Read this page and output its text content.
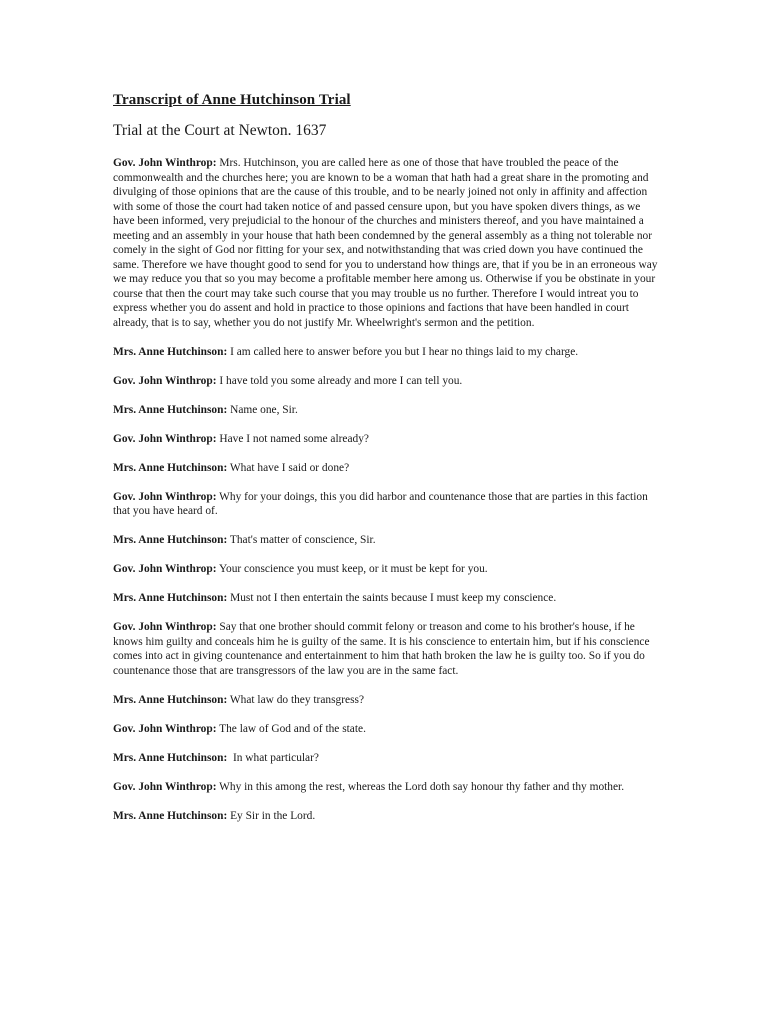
Transcript of Anne Hutchinson Trial
Trial at the Court at Newton. 1637

Gov. John Winthrop: Mrs. Hutchinson, you are called here as one of those that have troubled the peace of the commonwealth and the churches here; you are known to be a woman that hath had a great share in the promoting and divulging of those opinions that are the cause of this trouble, and to be nearly joined not only in affinity and affection with some of those the court had taken notice of and passed censure upon, but you have spoken divers things, as we have been informed, very prejudicial to the honour of the churches and ministers thereof, and you have maintained a meeting and an assembly in your house that hath been condemned by the general assembly as a thing not tolerable nor comely in the sight of God nor fitting for your sex, and notwithstanding that was cried down you have continued the same. Therefore we have thought good to send for you to understand how things are, that if you be in an erroneous way we may reduce you that so you may become a profitable member here among us. Otherwise if you be obstinate in your course that then the court may take such course that you may trouble us no further. Therefore I would intreat you to express whether you do assent and hold in practice to those opinions and factions that have been handled in court already, that is to say, whether you do not justify Mr. Wheelwright's sermon and the petition.

Mrs. Anne Hutchinson: I am called here to answer before you but I hear no things laid to my charge.

Gov. John Winthrop: I have told you some already and more I can tell you.

Mrs. Anne Hutchinson: Name one, Sir.

Gov. John Winthrop: Have I not named some already?

Mrs. Anne Hutchinson: What have I said or done?

Gov. John Winthrop: Why for your doings, this you did harbor and countenance those that are parties in this faction that you have heard of.

Mrs. Anne Hutchinson: That's matter of conscience, Sir.

Gov. John Winthrop: Your conscience you must keep, or it must be kept for you.

Mrs. Anne Hutchinson: Must not I then entertain the saints because I must keep my conscience.

Gov. John Winthrop: Say that one brother should commit felony or treason and come to his brother's house, if he knows him guilty and conceals him he is guilty of the same. It is his conscience to entertain him, but if his conscience comes into act in giving countenance and entertainment to him that hath broken the law he is guilty too. So if you do countenance those that are transgressors of the law you are in the same fact.

Mrs. Anne Hutchinson: What law do they transgress?

Gov. John Winthrop: The law of God and of the state.

Mrs. Anne Hutchinson:  In what particular?

Gov. John Winthrop: Why in this among the rest, whereas the Lord doth say honour thy father and thy mother.

Mrs. Anne Hutchinson: Ey Sir in the Lord.
